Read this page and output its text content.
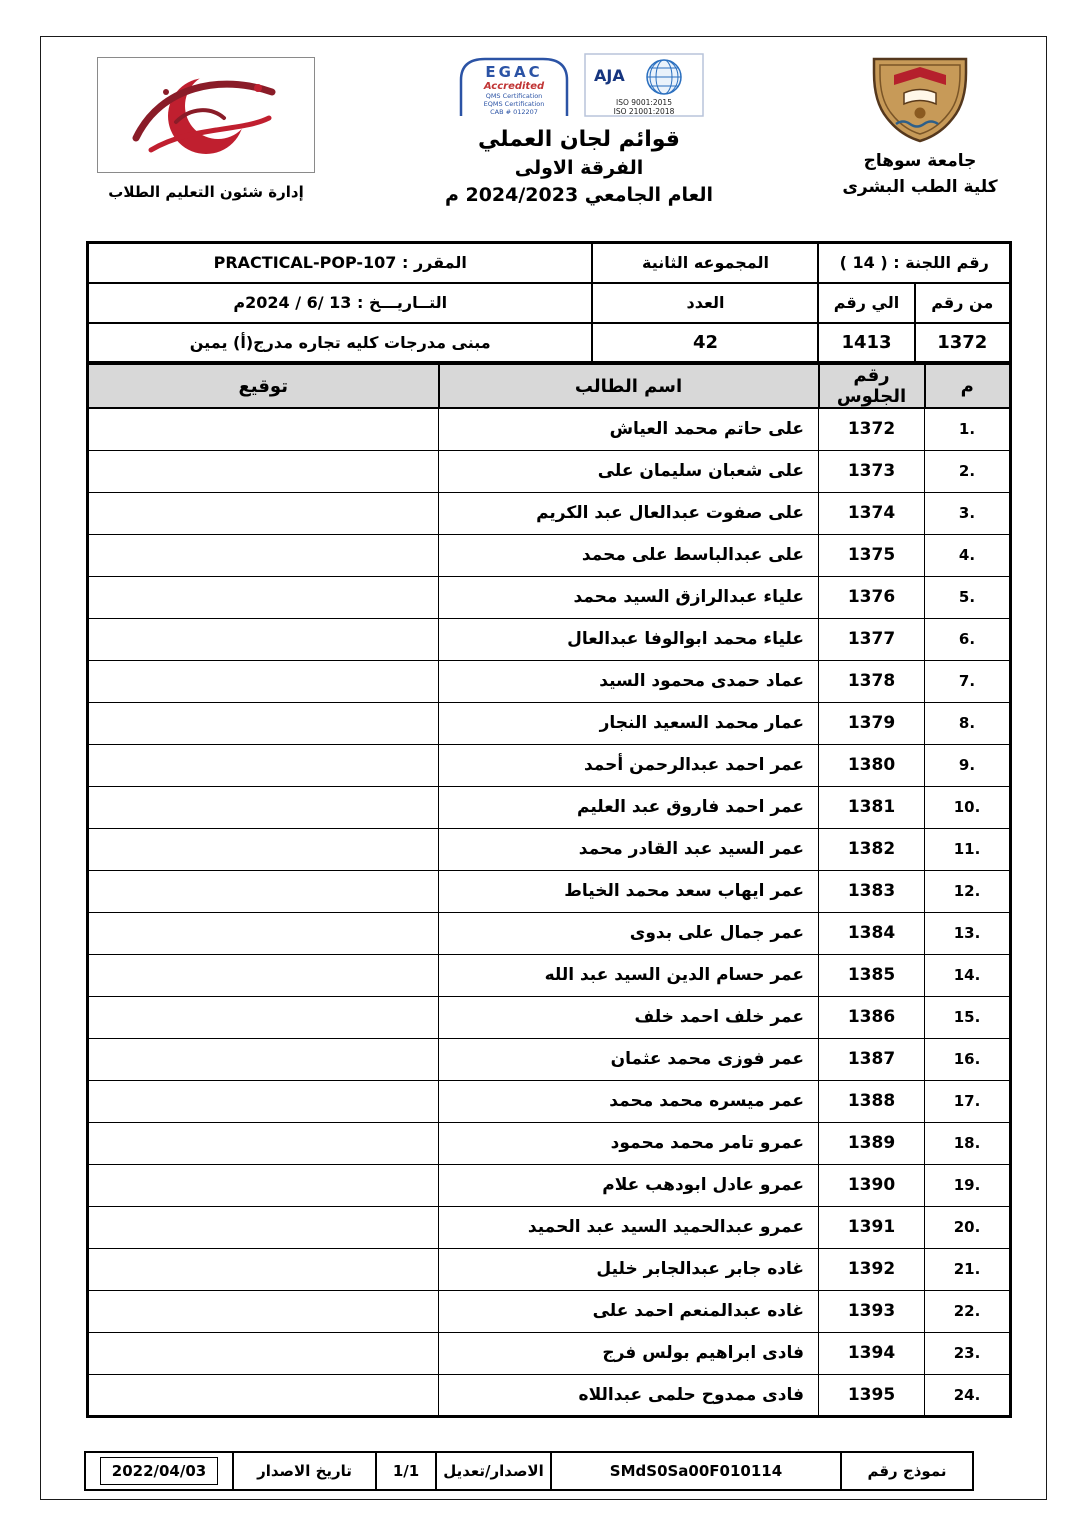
جامعة سوهاج
كلية الطب البشرى
EGAC
Accredited
QMS Certification
EQMS Certification
CAB # 012207
AJA
ISO 9001:2015
ISO 21001:2018
قوائم لجان العملي
الفرقة الاولى
العام الجامعي 2024/2023 م
إدارة شئون التعليم الطلاب
رقم اللجنة : ( 14 )		المجموعه الثانية	المقرر : PRACTICAL-POP-107
من رقم	الي رقم	العدد	التــاريـــخ : 13 /6 / 2024م
1372	1413	42	مبنى مدرجات كليه تجاره مدرج(أ) يمين
م	رقم الجلوس	اسم الطالب	توقيع
1.	1372	على حاتم محمد العياش	
2.	1373	على شعبان سليمان على	
3.	1374	على صفوت عبدالعال عبد الكريم	
4.	1375	على عبدالباسط على محمد	
5.	1376	علياء عبدالرازق السيد محمد	
6.	1377	علياء محمد ابوالوفا عبدالعال	
7.	1378	عماد حمدى محمود السيد	
8.	1379	عمار محمد السعيد النجار	
9.	1380	عمر احمد عبدالرحمن أحمد	
10.	1381	عمر احمد فاروق عبد العليم	
11.	1382	عمر السيد عبد القادر محمد	
12.	1383	عمر ايهاب سعد محمد الخياط	
13.	1384	عمر جمال على بدوى	
14.	1385	عمر حسام الدين السيد عبد الله	
15.	1386	عمر خلف احمد خلف	
16.	1387	عمر فوزى محمد عثمان	
17.	1388	عمر ميسره محمد محمد	
18.	1389	عمرو تامر محمد محمود	
19.	1390	عمرو عادل ابودهب علام	
20.	1391	عمرو عبدالحميد السيد عبد الحميد	
21.	1392	غاده جابر عبدالجابر خليل	
22.	1393	غاده عبدالمنعم احمد على	
23.	1394	فادى ابراهيم بولس فرج	
24.	1395	فادى ممدوح حلمى عبداللاه	
نموذج رقم	SMdS0Sa00F010114	الاصدار/تعديل	1/1	تاريخ الاصدار	
2022/04/03
